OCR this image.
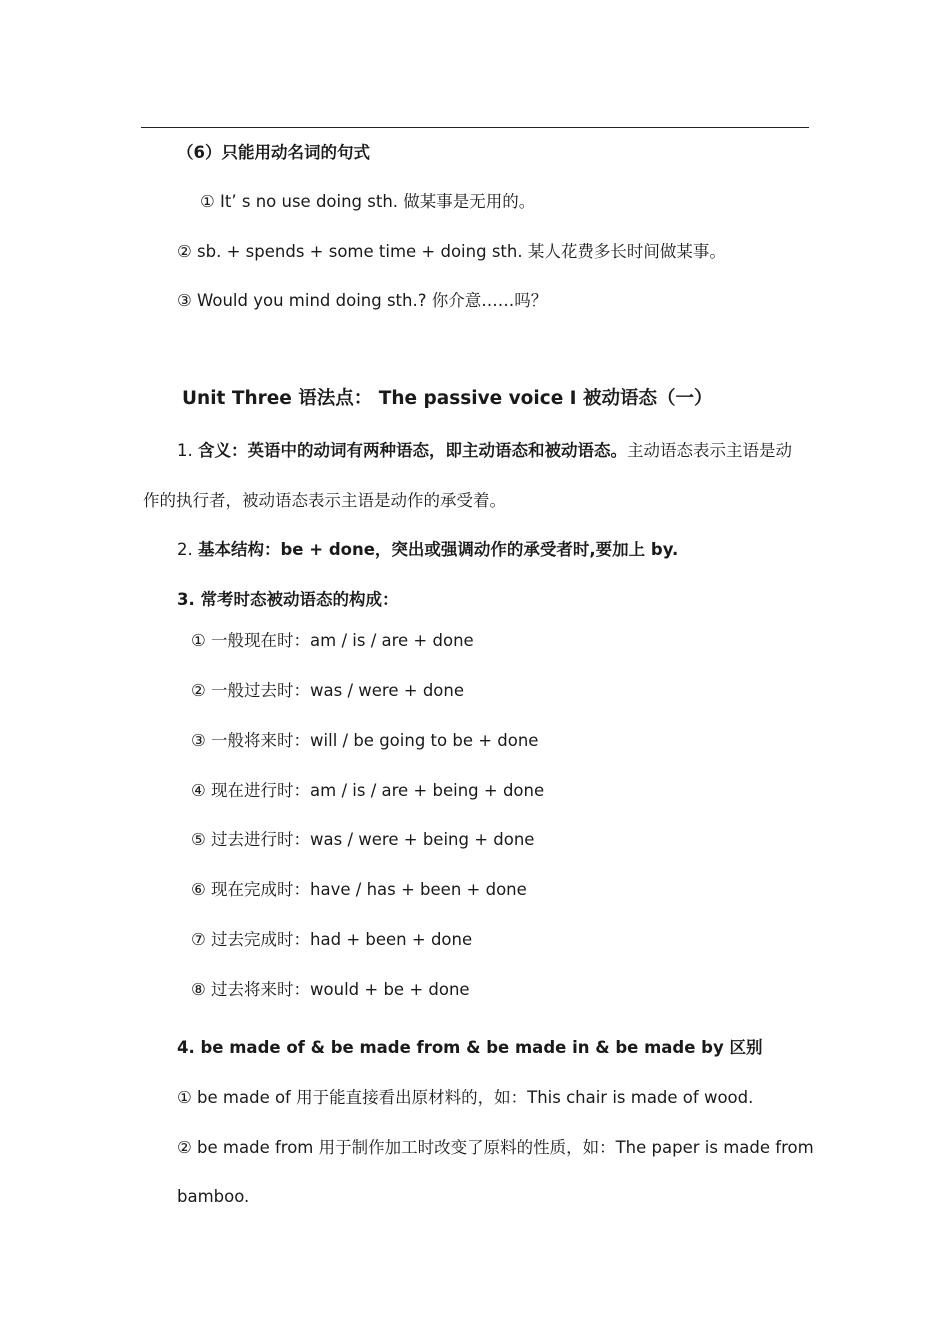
（6）只能用动名词的句式
① It’ s no use doing sth. 做某事是无用的。
② sb. + spends + some time + doing sth. 某人花费多长时间做某事。
③ Would you mind doing sth.? 你介意……吗？
Unit Three 语法点： The passive voice Ⅰ 被动语态（一）
1. 含义：英语中的动词有两种语态，即主动语态和被动语态。主动语态表示主语是动
作的执行者，被动语态表示主语是动作的承受着。
2. 基本结构：be + done，突出或强调动作的承受者时,要加上 by.
3. 常考时态被动语态的构成：
① 一般现在时：am / is / are + done
② 一般过去时：was / were + done
③ 一般将来时：will / be going to be + done
④ 现在进行时：am / is / are + being + done
⑤ 过去进行时：was / were + being + done
⑥ 现在完成时：have / has + been + done
⑦ 过去完成时：had + been + done
⑧ 过去将来时：would + be + done
4. be made of & be made from & be made in & be made by 区别
① be made of 用于能直接看出原材料的，如：This chair is made of wood.
② be made from 用于制作加工时改变了原料的性质，如：The paper is made from
bamboo.
